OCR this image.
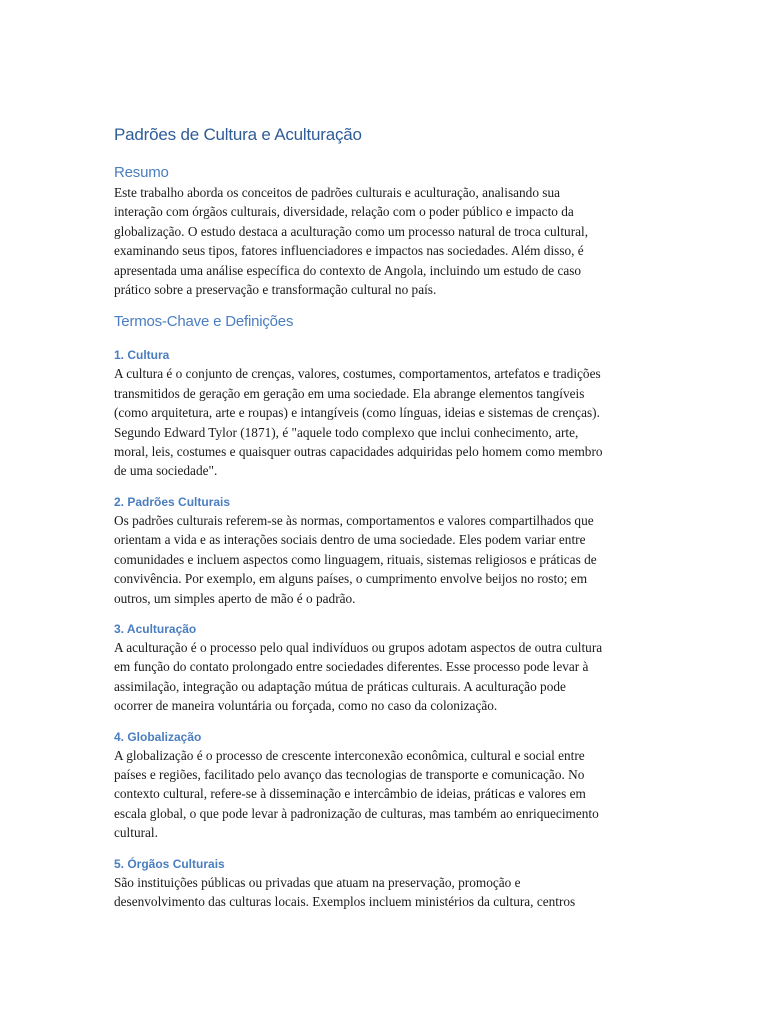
Padrões de Cultura e Aculturação
Resumo

Este trabalho aborda os conceitos de padrões culturais e aculturação, analisando sua
interação com órgãos culturais, diversidade, relação com o poder público e impacto da
globalização. O estudo destaca a aculturação como um processo natural de troca cultural,
examinando seus tipos, fatores influenciadores e impactos nas sociedades. Além disso, é
apresentada uma análise específica do contexto de Angola, incluindo um estudo de caso
prático sobre a preservação e transformação cultural no país.

Termos-Chave e Definições
1. Cultura

A cultura é o conjunto de crenças, valores, costumes, comportamentos, artefatos e tradições
transmitidos de geração em geração em uma sociedade. Ela abrange elementos tangíveis
(como arquitetura, arte e roupas) e intangíveis (como línguas, ideias e sistemas de crenças).
Segundo Edward Tylor (1871), é "aquele todo complexo que inclui conhecimento, arte,
moral, leis, costumes e quaisquer outras capacidades adquiridas pelo homem como membro
de uma sociedade".

2. Padrões Culturais

Os padrões culturais referem-se às normas, comportamentos e valores compartilhados que
orientam a vida e as interações sociais dentro de uma sociedade. Eles podem variar entre
comunidades e incluem aspectos como linguagem, rituais, sistemas religiosos e práticas de
convivência. Por exemplo, em alguns países, o cumprimento envolve beijos no rosto; em
outros, um simples aperto de mão é o padrão.

3. Aculturação

A aculturação é o processo pelo qual indivíduos ou grupos adotam aspectos de outra cultura
em função do contato prolongado entre sociedades diferentes. Esse processo pode levar à
assimilação, integração ou adaptação mútua de práticas culturais. A aculturação pode
ocorrer de maneira voluntária ou forçada, como no caso da colonização.

4. Globalização

A globalização é o processo de crescente interconexão econômica, cultural e social entre
países e regiões, facilitado pelo avanço das tecnologias de transporte e comunicação. No
contexto cultural, refere-se à disseminação e intercâmbio de ideias, práticas e valores em
escala global, o que pode levar à padronização de culturas, mas também ao enriquecimento
cultural.

5. Órgãos Culturais

São instituições públicas ou privadas que atuam na preservação, promoção e
desenvolvimento das culturas locais. Exemplos incluem ministérios da cultura, centros
